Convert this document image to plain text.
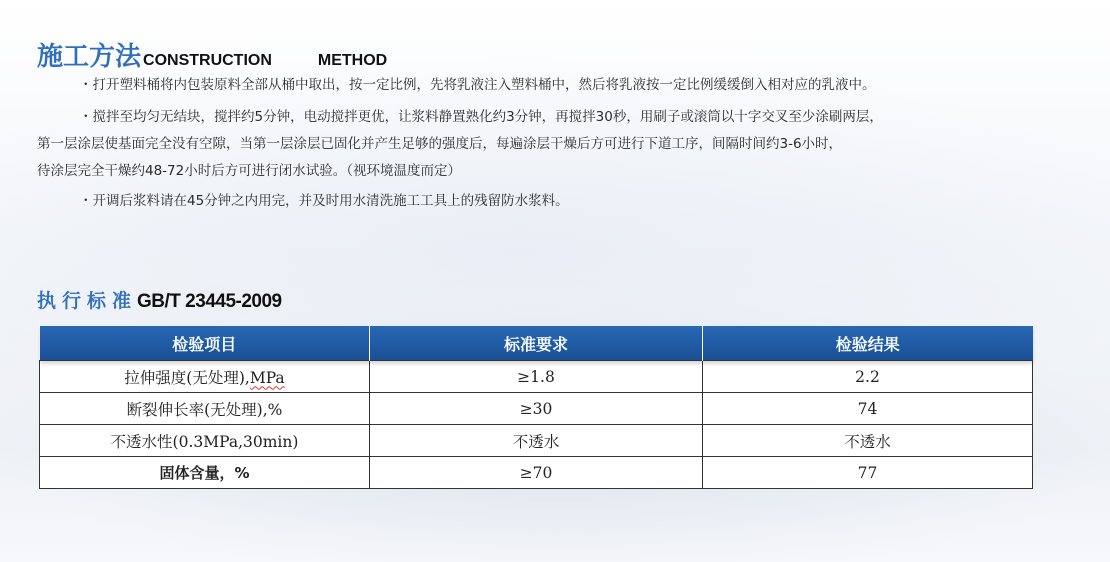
施工方法 CONSTRUCTION	METHOD
・打开塑料桶将内包装原料全部从桶中取出，按一定比例，先将乳液注入塑料桶中，然后将乳液按一定比例缓缓倒入相对应的乳液中。
・搅拌至均匀无结块，搅拌约5分钟，电动搅拌更优，让浆料静置熟化约3分钟，再搅拌30秒，用刷子或滚筒以十字交叉至少涂刷两层，
第一层涂层使基面完全没有空隙，当第一层涂层已固化并产生足够的强度后，每遍涂层干燥后方可进行下道工序，间隔时间约3-6小时，
待涂层完全干燥约48-72小时后方可进行闭水试验。（视环境温度而定）
・开调后浆料请在45分钟之内用完，并及时用水清洗施工工具上的残留防水浆料。
执行标准 GB/T 23445-2009
检验项目	标准要求	检验结果
拉伸强度(无处理),MPa	≥1.8	2.2
断裂伸长率(无处理),%	≥30	74
不透水性(0.3MPa,30min)	不透水	不透水
固体含量，%	≥70	77
